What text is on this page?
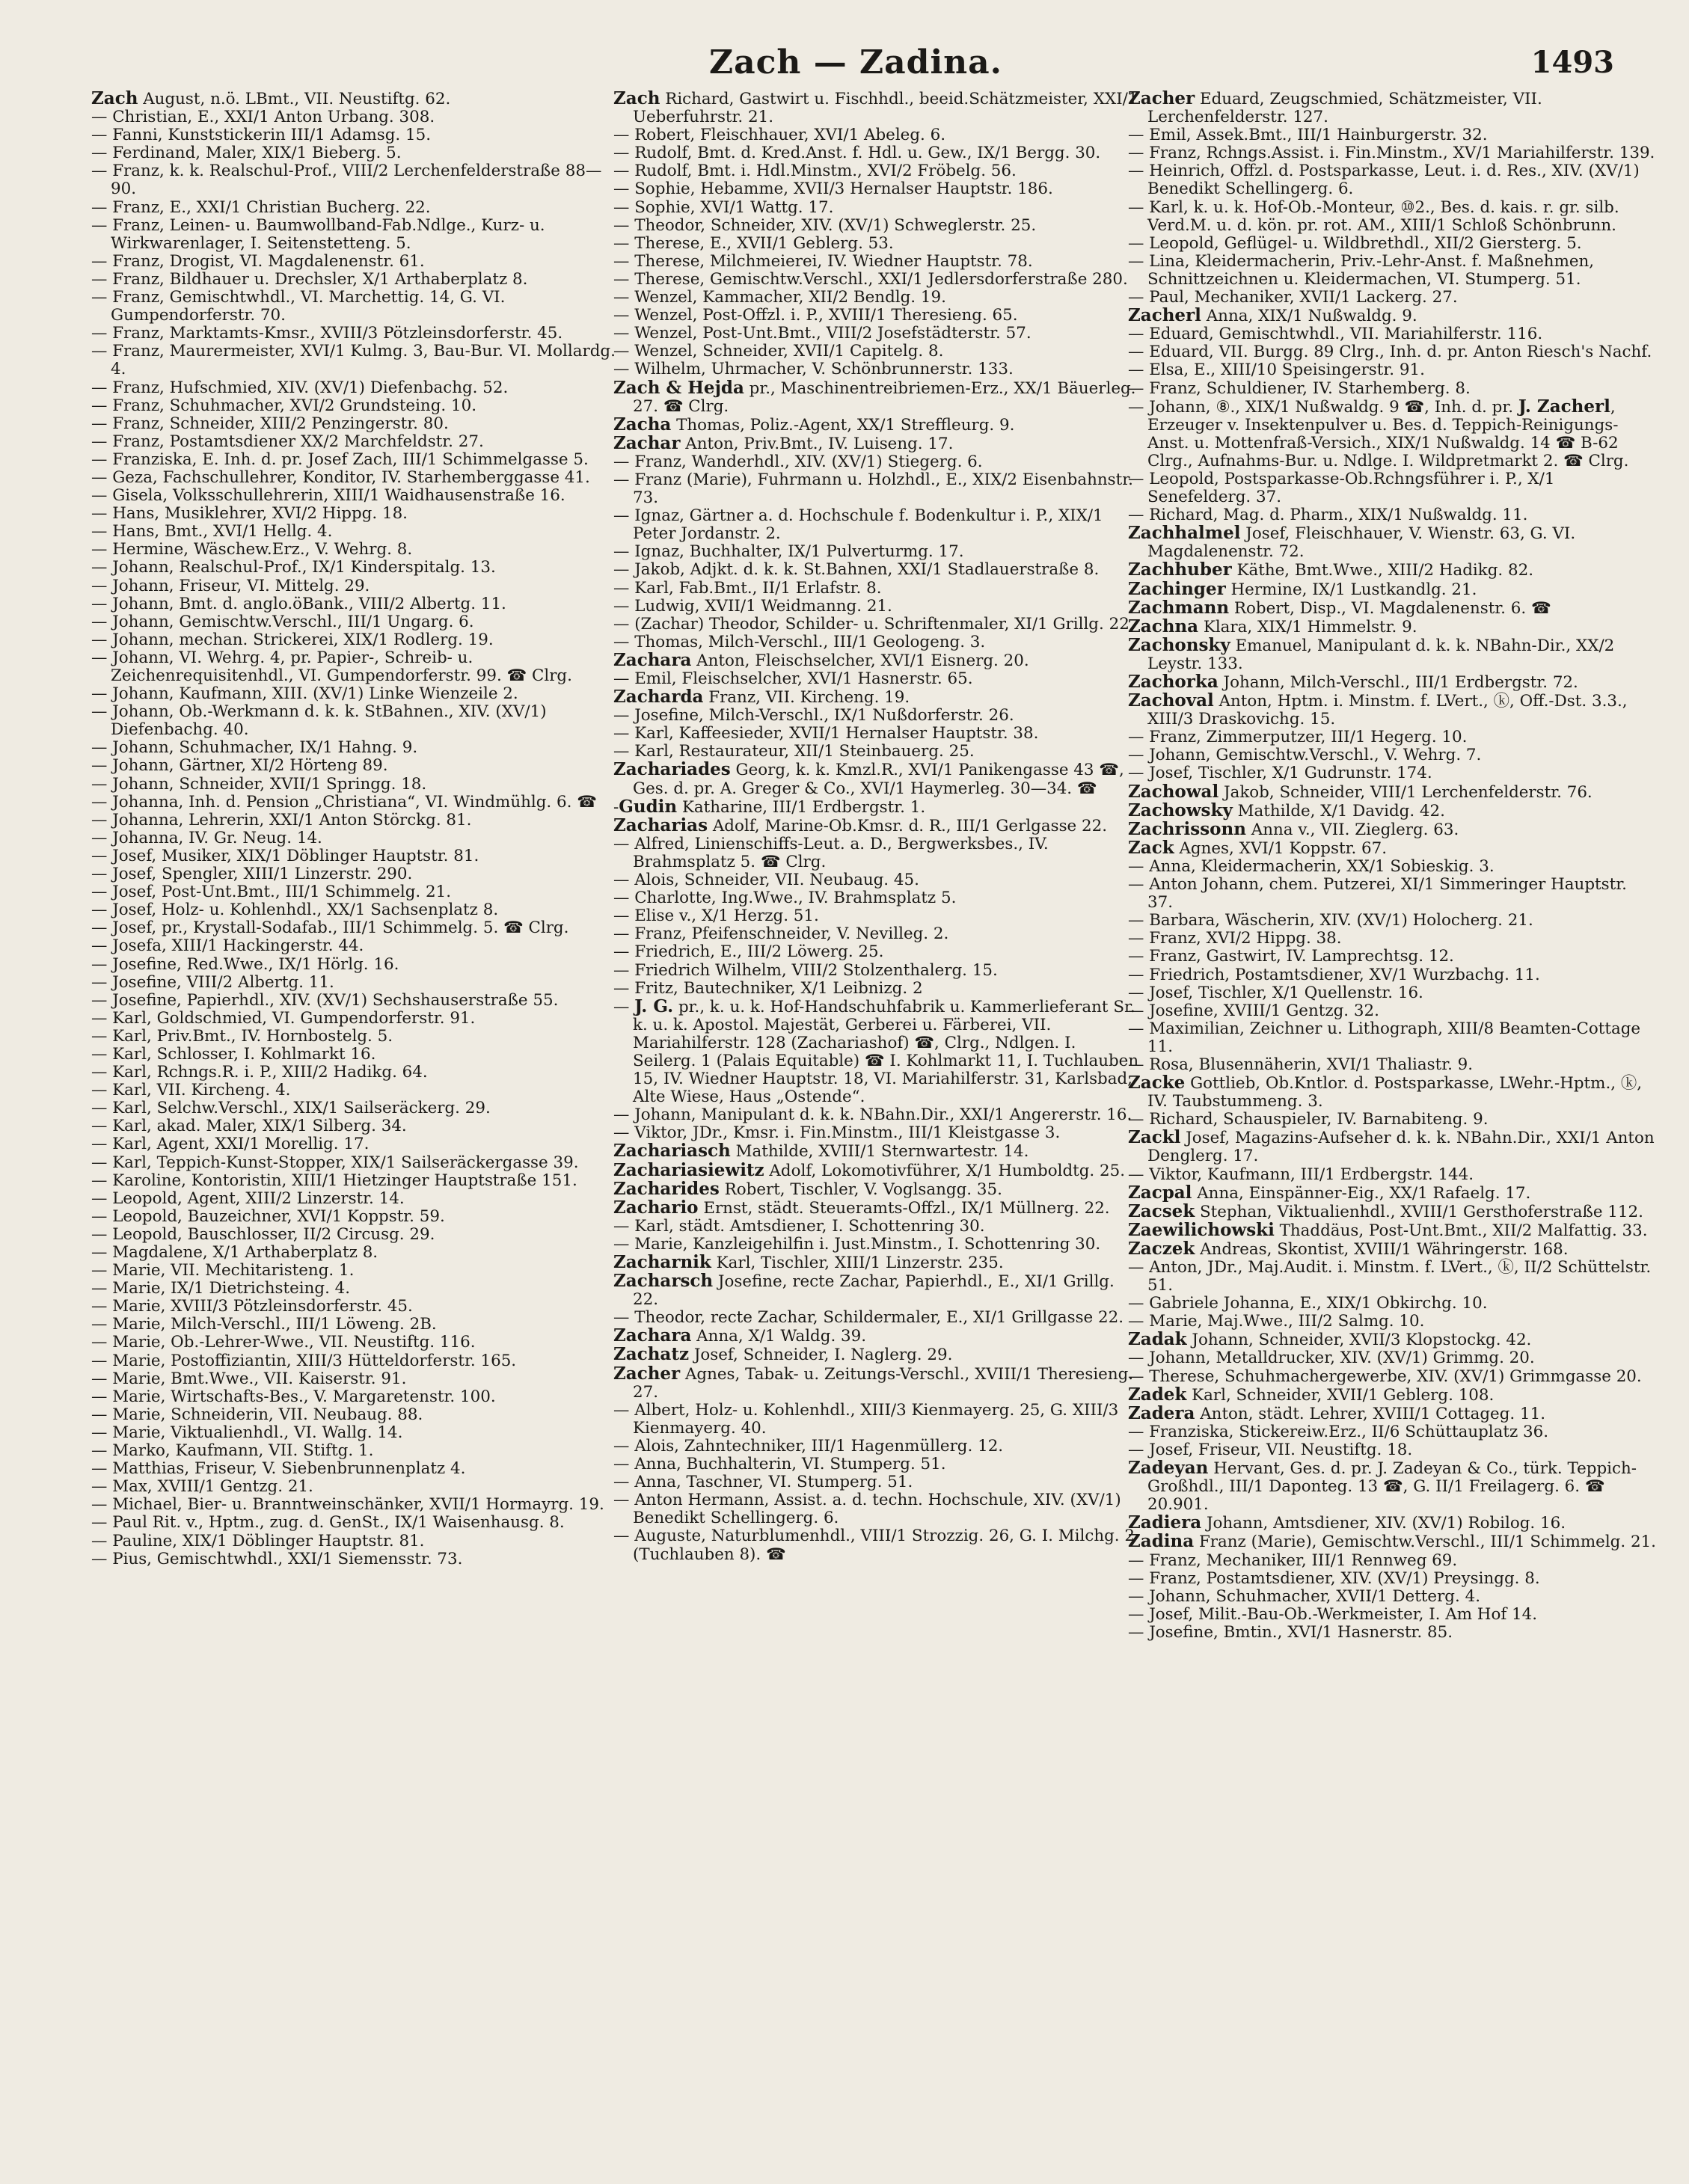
Zach — Zadina.	1493

Zach August, n.ö. LBmt., VII. Neustiftg. 62.

— Christian, E., XXI/1 Anton Urbang. 308.

— Fanni, Kunststickerin III/1 Adamsg. 15.

— Ferdinand, Maler, XIX/1 Bieberg. 5.

— Franz, k. k. Realschul-Prof., VIII/2 Lerchenfelderstraße 88—90.

— Franz, E., XXI/1 Christian Bucherg. 22.

— Franz, Leinen- u. Baumwollband-Fab.Ndlge., Kurz- u. Wirkwarenlager, I. Seitenstetteng. 5.

— Franz, Drogist, VI. Magdalenenstr. 61.

— Franz, Bildhauer u. Drechsler, X/1 Arthaberplatz 8.

— Franz, Gemischtwhdl., VI. Marchettig. 14, G. VI. Gumpendorferstr. 70.

— Franz, Marktamts-Kmsr., XVIII/3 Pötzleinsdorferstr. 45.

— Franz, Maurermeister, XVI/1 Kulmg. 3, Bau-Bur. VI. Mollardg. 4.

— Franz, Hufschmied, XIV. (XV/1) Diefenbachg. 52.

— Franz, Schuhmacher, XVI/2 Grundsteing. 10.

— Franz, Schneider, XIII/2 Penzingerstr. 80.

— Franz, Postamtsdiener XX/2 Marchfeldstr. 27.

— Franziska, E. Inh. d. pr. Josef Zach, III/1 Schimmelgasse 5.

— Geza, Fachschullehrer, Konditor, IV. Starhemberggasse 41.

— Gisela, Volksschullehrerin, XIII/1 Waidhausenstraße 16.

— Hans, Musiklehrer, XVI/2 Hippg. 18.

— Hans, Bmt., XVI/1 Hellg. 4.

— Hermine, Wäschew.Erz., V. Wehrg. 8.

— Johann, Realschul-Prof., IX/1 Kinderspitalg. 13.

— Johann, Friseur, VI. Mittelg. 29.

— Johann, Bmt. d. anglo.öBank., VIII/2 Albertg. 11.

— Johann, Gemischtw.Verschl., III/1 Ungarg. 6.

— Johann, mechan. Strickerei, XIX/1 Rodlerg. 19.

— Johann, VI. Wehrg. 4, pr. Papier-, Schreib- u. Zeichenrequisitenhdl., VI. Gumpendorferstr. 99. ☎ Clrg.

— Johann, Kaufmann, XIII. (XV/1) Linke Wienzeile 2.

— Johann, Ob.-Werkmann d. k. k. StBahnen., XIV. (XV/1) Diefenbachg. 40.

— Johann, Schuhmacher, IX/1 Hahng. 9.

— Johann, Gärtner, XI/2 Hörteng 89.

— Johann, Schneider, XVII/1 Springg. 18.

— Johanna, Inh. d. Pension „Christiana“, VI. Windmühlg. 6. ☎

— Johanna, Lehrerin, XXI/1 Anton Störckg. 81.

— Johanna, IV. Gr. Neug. 14.

— Josef, Musiker, XIX/1 Döblinger Hauptstr. 81.

— Josef, Spengler, XIII/1 Linzerstr. 290.

— Josef, Post-Unt.Bmt., III/1 Schimmelg. 21.

— Josef, Holz- u. Kohlenhdl., XX/1 Sachsenplatz 8.

— Josef, pr., Krystall-Sodafab., III/1 Schimmelg. 5. ☎ Clrg.

— Josefa, XIII/1 Hackingerstr. 44.

— Josefine, Red.Wwe., IX/1 Hörlg. 16.

— Josefine, VIII/2 Albertg. 11.

— Josefine, Papierhdl., XIV. (XV/1) Sechshauserstraße 55.

— Karl, Goldschmied, VI. Gumpendorferstr. 91.

— Karl, Priv.Bmt., IV. Hornbostelg. 5.

— Karl, Schlosser, I. Kohlmarkt 16.

— Karl, Rchngs.R. i. P., XIII/2 Hadikg. 64.

— Karl, VII. Kircheng. 4.

— Karl, Selchw.Verschl., XIX/1 Sailseräckerg. 29.

— Karl, akad. Maler, XIX/1 Silberg. 34.

— Karl, Agent, XXI/1 Morellig. 17.

— Karl, Teppich-Kunst-Stopper, XIX/1 Sailseräckergasse 39.

— Karoline, Kontoristin, XIII/1 Hietzinger Hauptstraße 151.

— Leopold, Agent, XIII/2 Linzerstr. 14.

— Leopold, Bauzeichner, XVI/1 Koppstr. 59.

— Leopold, Bauschlosser, II/2 Circusg. 29.

— Magdalene, X/1 Arthaberplatz 8.

— Marie, VII. Mechitaristeng. 1.

— Marie, IX/1 Dietrichsteing. 4.

— Marie, XVIII/3 Pötzleinsdorferstr. 45.

— Marie, Milch-Verschl., III/1 Löweng. 2B.

— Marie, Ob.-Lehrer-Wwe., VII. Neustiftg. 116.

— Marie, Postoffiziantin, XIII/3 Hütteldorferstr. 165.

— Marie, Bmt.Wwe., VII. Kaiserstr. 91.

— Marie, Wirtschafts-Bes., V. Margaretenstr. 100.

— Marie, Schneiderin, VII. Neubaug. 88.

— Marie, Viktualienhdl., VI. Wallg. 14.

— Marko, Kaufmann, VII. Stiftg. 1.

— Matthias, Friseur, V. Siebenbrunnenplatz 4.

— Max, XVIII/1 Gentzg. 21.

— Michael, Bier- u. Branntweinschänker, XVII/1 Hormayrg. 19.

— Paul Rit. v., Hptm., zug. d. GenSt., IX/1 Waisenhausg. 8.

— Pauline, XIX/1 Döblinger Hauptstr. 81.

— Pius, Gemischtwhdl., XXI/1 Siemensstr. 73.

Zach Richard, Gastwirt u. Fischhdl., beeid.Schätzmeister, XXI/1 Ueberfuhrstr. 21.

— Robert, Fleischhauer, XVI/1 Abeleg. 6.

— Rudolf, Bmt. d. Kred.Anst. f. Hdl. u. Gew., IX/1 Bergg. 30.

— Rudolf, Bmt. i. Hdl.Minstm., XVI/2 Fröbelg. 56.

— Sophie, Hebamme, XVII/3 Hernalser Hauptstr. 186.

— Sophie, XVI/1 Wattg. 17.

— Theodor, Schneider, XIV. (XV/1) Schweglerstr. 25.

— Therese, E., XVII/1 Geblerg. 53.

— Therese, Milchmeierei, IV. Wiedner Hauptstr. 78.

— Therese, Gemischtw.Verschl., XXI/1 Jedlersdorferstraße 280.

— Wenzel, Kammacher, XII/2 Bendlg. 19.

— Wenzel, Post-Offzl. i. P., XVIII/1 Theresieng. 65.

— Wenzel, Post-Unt.Bmt., VIII/2 Josefstädterstr. 57.

— Wenzel, Schneider, XVII/1 Capitelg. 8.

— Wilhelm, Uhrmacher, V. Schönbrunnerstr. 133.

Zach & Hejda pr., Maschinentreibriemen-Erz., XX/1 Bäuerleg. 27. ☎ Clrg.

Zacha Thomas, Poliz.-Agent, XX/1 Streffleurg. 9.

Zachar Anton, Priv.Bmt., IV. Luiseng. 17.

— Franz, Wanderhdl., XIV. (XV/1) Stiegerg. 6.

— Franz (Marie), Fuhrmann u. Holzhdl., E., XIX/2 Eisenbahnstr. 73.

— Ignaz, Gärtner a. d. Hochschule f. Bodenkultur i. P., XIX/1 Peter Jordanstr. 2.

— Ignaz, Buchhalter, IX/1 Pulverturmg. 17.

— Jakob, Adjkt. d. k. k. St.Bahnen, XXI/1 Stadlauerstraße 8.

— Karl, Fab.Bmt., II/1 Erlafstr. 8.

— Ludwig, XVII/1 Weidmanng. 21.

— (Zachar) Theodor, Schilder- u. Schriftenmaler, XI/1 Grillg. 22.

— Thomas, Milch-Verschl., III/1 Geologeng. 3.

Zachara Anton, Fleischselcher, XVI/1 Eisnerg. 20.

— Emil, Fleischselcher, XVI/1 Hasnerstr. 65.

Zacharda Franz, VII. Kircheng. 19.

— Josefine, Milch-Verschl., IX/1 Nußdorferstr. 26.

— Karl, Kaffeesieder, XVII/1 Hernalser Hauptstr. 38.

— Karl, Restaurateur, XII/1 Steinbauerg. 25.

Zachariades Georg, k. k. Kmzl.R., XVI/1 Panikengasse 43 ☎, Ges. d. pr. A. Greger & Co., XVI/1 Haymerleg. 30—34. ☎

-Gudin Katharine, III/1 Erdbergstr. 1.

Zacharias Adolf, Marine-Ob.Kmsr. d. R., III/1 Gerlgasse 22.

— Alfred, Linienschiffs-Leut. a. D., Bergwerksbes., IV. Brahmsplatz 5. ☎ Clrg.

— Alois, Schneider, VII. Neubaug. 45.

— Charlotte, Ing.Wwe., IV. Brahmsplatz 5.

— Elise v., X/1 Herzg. 51.

— Franz, Pfeifenschneider, V. Nevilleg. 2.

— Friedrich, E., III/2 Löwerg. 25.

— Friedrich Wilhelm, VIII/2 Stolzenthalerg. 15.

— Fritz, Bautechniker, X/1 Leibnizg. 2

— J. G. pr., k. u. k. Hof-Handschuhfabrik u. Kammerlieferant Sr. k. u. k. Apostol. Majestät, Gerberei u. Färberei, VII. Mariahilferstr. 128 (Zachariashof) ☎, Clrg., Ndlgen. I. Seilerg. 1 (Palais Equitable) ☎ I. Kohlmarkt 11, I. Tuchlauben 15, IV. Wiedner Hauptstr. 18, VI. Mariahilferstr. 31, Karlsbad, Alte Wiese, Haus „Ostende“.

— Johann, Manipulant d. k. k. NBahn.Dir., XXI/1 Angererstr. 16.

— Viktor, JDr., Kmsr. i. Fin.Minstm., III/1 Kleistgasse 3.

Zachariasch Mathilde, XVIII/1 Sternwartestr. 14.

Zachariasiewitz Adolf, Lokomotivführer, X/1 Humboldtg. 25.

Zacharides Robert, Tischler, V. Voglsangg. 35.

Zachario Ernst, städt. Steueramts-Offzl., IX/1 Müllnerg. 22.

— Karl, städt. Amtsdiener, I. Schottenring 30.

— Marie, Kanzleigehilfin i. Just.Minstm., I. Schottenring 30.

Zacharnik Karl, Tischler, XIII/1 Linzerstr. 235.

Zacharsch Josefine, recte Zachar, Papierhdl., E., XI/1 Grillg. 22.

— Theodor, recte Zachar, Schildermaler, E., XI/1 Grillgasse 22.

Zachara Anna, X/1 Waldg. 39.

Zachatz Josef, Schneider, I. Naglerg. 29.

Zacher Agnes, Tabak- u. Zeitungs-Verschl., XVIII/1 Theresieng. 27.

— Albert, Holz- u. Kohlenhdl., XIII/3 Kienmayerg. 25, G. XIII/3 Kienmayerg. 40.

— Alois, Zahntechniker, III/1 Hagenmüllerg. 12.

— Anna, Buchhalterin, VI. Stumperg. 51.

— Anna, Taschner, VI. Stumperg. 51.

— Anton Hermann, Assist. a. d. techn. Hochschule, XIV. (XV/1) Benedikt Schellingerg. 6.

— Auguste, Naturblumenhdl., VIII/1 Strozzig. 26, G. I. Milchg. 2 (Tuchlauben 8). ☎

Zacher Eduard, Zeugschmied, Schätzmeister, VII. Lerchenfelderstr. 127.

— Emil, Assek.Bmt., III/1 Hainburgerstr. 32.

— Franz, Rchngs.Assist. i. Fin.Minstm., XV/1 Mariahilferstr. 139.

— Heinrich, Offzl. d. Postsparkasse, Leut. i. d. Res., XIV. (XV/1) Benedikt Schellingerg. 6.

— Karl, k. u. k. Hof-Ob.-Monteur, ⑩2., Bes. d. kais. r. gr. silb. Verd.M. u. d. kön. pr. rot. AM., XIII/1 Schloß Schönbrunn.

— Leopold, Geflügel- u. Wildbrethdl., XII/2 Giersterg. 5.

— Lina, Kleidermacherin, Priv.-Lehr-Anst. f. Maßnehmen, Schnittzeichnen u. Kleidermachen, VI. Stumperg. 51.

— Paul, Mechaniker, XVII/1 Lackerg. 27.

Zacherl Anna, XIX/1 Nußwaldg. 9.

— Eduard, Gemischtwhdl., VII. Mariahilferstr. 116.

— Eduard, VII. Burgg. 89 Clrg., Inh. d. pr. Anton Riesch's Nachf.

— Elsa, E., XIII/10 Speisingerstr. 91.

— Franz, Schuldiener, IV. Starhemberg. 8.

— Johann, ⑧., XIX/1 Nußwaldg. 9 ☎, Inh. d. pr. J. Zacherl, Erzeuger v. Insektenpulver u. Bes. d. Teppich-Reinigungs-Anst. u. Mottenfraß-Versich., XIX/1 Nußwaldg. 14 ☎ B-62 Clrg., Aufnahms-Bur. u. Ndlge. I. Wildpretmarkt 2. ☎ Clrg.

— Leopold, Postsparkasse-Ob.Rchngsführer i. P., X/1 Senefelderg. 37.

— Richard, Mag. d. Pharm., XIX/1 Nußwaldg. 11.

Zachhalmel Josef, Fleischhauer, V. Wienstr. 63, G. VI. Magdalenenstr. 72.

Zachhuber Käthe, Bmt.Wwe., XIII/2 Hadikg. 82.

Zachinger Hermine, IX/1 Lustkandlg. 21.

Zachmann Robert, Disp., VI. Magdalenenstr. 6. ☎

Zachna Klara, XIX/1 Himmelstr. 9.

Zachonsky Emanuel, Manipulant d. k. k. NBahn-Dir., XX/2 Leystr. 133.

Zachorka Johann, Milch-Verschl., III/1 Erdbergstr. 72.

Zachoval Anton, Hptm. i. Minstm. f. LVert., ⓚ, Off.-Dst. 3.3., XIII/3 Draskovichg. 15.

— Franz, Zimmerputzer, III/1 Hegerg. 10.

— Johann, Gemischtw.Verschl., V. Wehrg. 7.

— Josef, Tischler, X/1 Gudrunstr. 174.

Zachowal Jakob, Schneider, VIII/1 Lerchenfelderstr. 76.

Zachowsky Mathilde, X/1 Davidg. 42.

Zachrissonn Anna v., VII. Zieglerg. 63.

Zack Agnes, XVI/1 Koppstr. 67.

— Anna, Kleidermacherin, XX/1 Sobieskig. 3.

— Anton Johann, chem. Putzerei, XI/1 Simmeringer Hauptstr. 37.

— Barbara, Wäscherin, XIV. (XV/1) Holocherg. 21.

— Franz, XVI/2 Hippg. 38.

— Franz, Gastwirt, IV. Lamprechtsg. 12.

— Friedrich, Postamtsdiener, XV/1 Wurzbachg. 11.

— Josef, Tischler, X/1 Quellenstr. 16.

— Josefine, XVIII/1 Gentzg. 32.

— Maximilian, Zeichner u. Lithograph, XIII/8 Beamten-Cottage 11.

— Rosa, Blusennäherin, XVI/1 Thaliastr. 9.

Zacke Gottlieb, Ob.Kntlor. d. Postsparkasse, LWehr.-Hptm., ⓚ, IV. Taubstummeng. 3.

— Richard, Schauspieler, IV. Barnabiteng. 9.

Zackl Josef, Magazins-Aufseher d. k. k. NBahn.Dir., XXI/1 Anton Denglerg. 17.

— Viktor, Kaufmann, III/1 Erdbergstr. 144.

Zacpal Anna, Einspänner-Eig., XX/1 Rafaelg. 17.

Zacsek Stephan, Viktualienhdl., XVIII/1 Gersthoferstraße 112.

Zaewilichowski Thaddäus, Post-Unt.Bmt., XII/2 Malfattig. 33.

Zaczek Andreas, Skontist, XVIII/1 Währingerstr. 168.

— Anton, JDr., Maj.Audit. i. Minstm. f. LVert., ⓚ, II/2 Schüttelstr. 51.

— Gabriele Johanna, E., XIX/1 Obkirchg. 10.

— Marie, Maj.Wwe., III/2 Salmg. 10.

Zadak Johann, Schneider, XVII/3 Klopstockg. 42.

— Johann, Metalldrucker, XIV. (XV/1) Grimmg. 20.

— Therese, Schuhmachergewerbe, XIV. (XV/1) Grimmgasse 20.

Zadek Karl, Schneider, XVII/1 Geblerg. 108.

Zadera Anton, städt. Lehrer, XVIII/1 Cottageg. 11.

— Franziska, Stickereiw.Erz., II/6 Schüttauplatz 36.

— Josef, Friseur, VII. Neustiftg. 18.

Zadeyan Hervant, Ges. d. pr. J. Zadeyan & Co., türk. Teppich-Großhdl., III/1 Daponteg. 13 ☎, G. II/1 Freilagerg. 6. ☎ 20.901.

Zadiera Johann, Amtsdiener, XIV. (XV/1) Robilog. 16.

Zadina Franz (Marie), Gemischtw.Verschl., III/1 Schimmelg. 21.

— Franz, Mechaniker, III/1 Rennweg 69.

— Franz, Postamtsdiener, XIV. (XV/1) Preysingg. 8.

— Johann, Schuhmacher, XVII/1 Detterg. 4.

— Josef, Milit.-Bau-Ob.-Werkmeister, I. Am Hof 14.

— Josefine, Bmtin., XVI/1 Hasnerstr. 85.
